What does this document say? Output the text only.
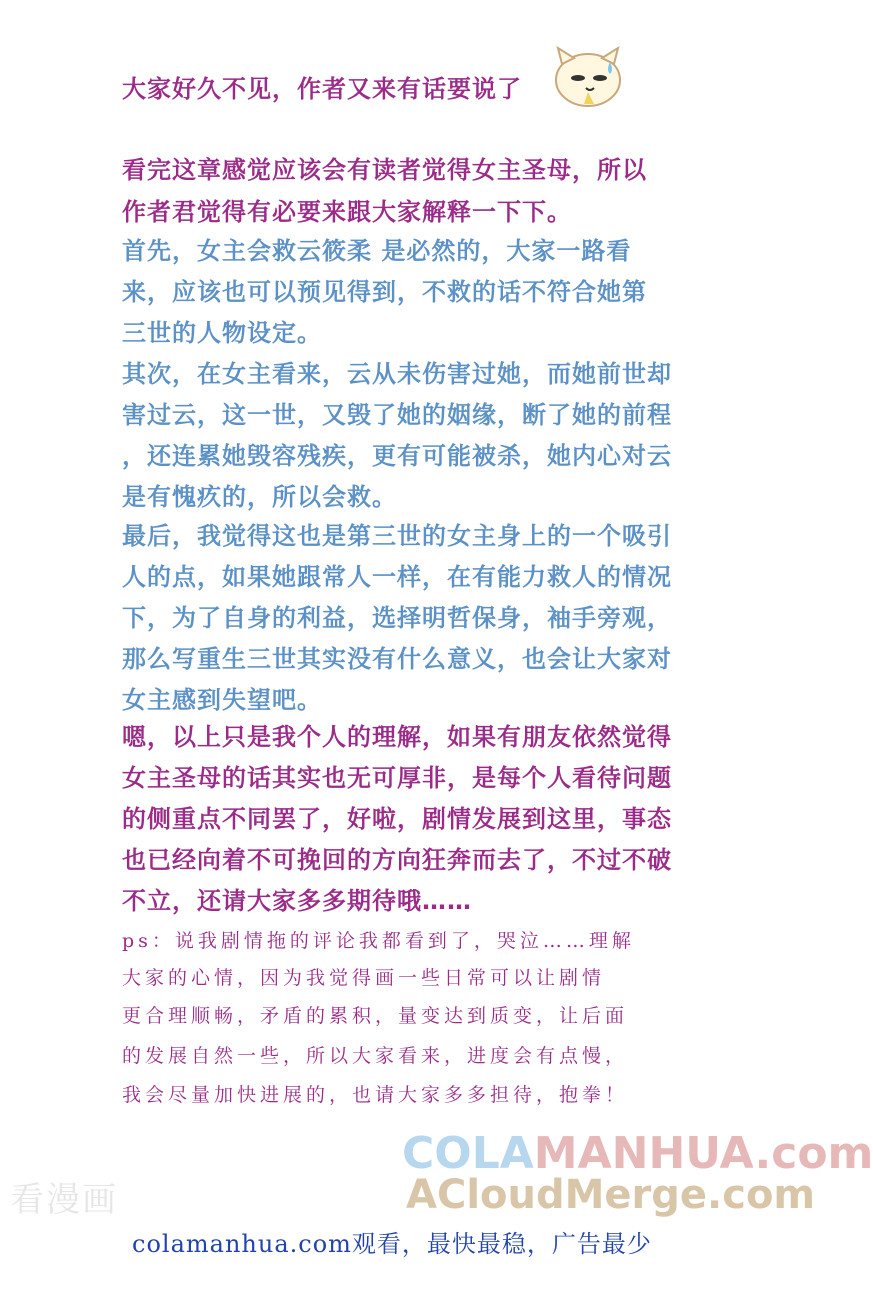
大家好久不见，作者又来有话要说了
看完这章感觉应该会有读者觉得女主圣母，所以
作者君觉得有必要来跟大家解释一下下。
首先，女主会救云筱柔 是必然的，大家一路看
来，应该也可以预见得到，不救的话不符合她第
三世的人物设定。
其次，在女主看来，云从未伤害过她，而她前世却
害过云，这一世，又毁了她的姻缘，断了她的前程
，还连累她毁容残疾，更有可能被杀，她内心对云
是有愧疚的，所以会救。
最后，我觉得这也是第三世的女主身上的一个吸引
人的点，如果她跟常人一样，在有能力救人的情况
下，为了自身的利益，选择明哲保身，袖手旁观，
那么写重生三世其实没有什么意义，也会让大家对
女主感到失望吧。
嗯，以上只是我个人的理解，如果有朋友依然觉得
女主圣母的话其实也无可厚非，是每个人看待问题
的侧重点不同罢了，好啦，剧情发展到这里，事态
也已经向着不可挽回的方向狂奔而去了，不过不破
不立，还请大家多多期待哦……
ps：说我剧情拖的评论我都看到了，哭泣……理解
大家的心情，因为我觉得画一些日常可以让剧情
更合理顺畅，矛盾的累积，量变达到质变，让后面
的发展自然一些，所以大家看来，进度会有点慢，
我会尽量加快进展的，也请大家多多担待，抱拳！
看漫画
COLAMANHUA.com
ACloudMerge.com
colamanhua.com观看，最快最稳，广告最少
